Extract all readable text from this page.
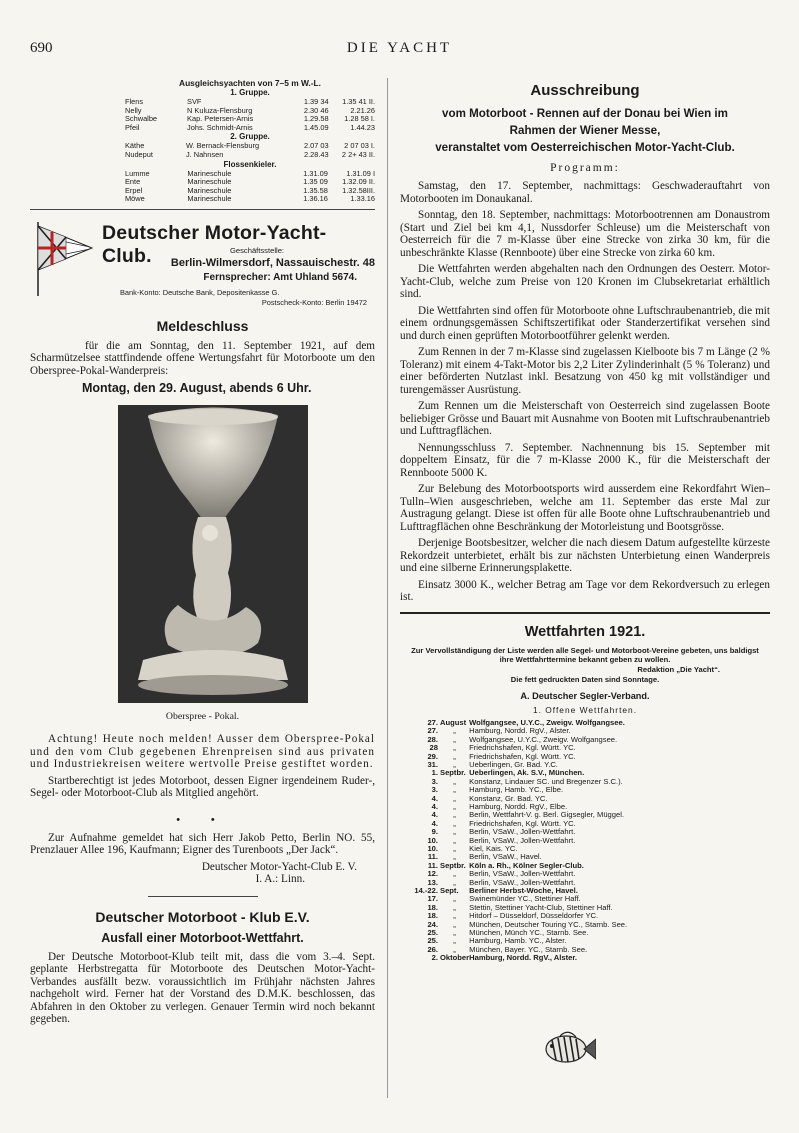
690	DIE YACHT
Ausgleichsyachten von 7–5 m W.-L.
1. Gruppe.
Flens	SVF	1.39 34	1.35 41 II.
Nelly	N Kuluza-Flensburg	2.30 46	2.21.26
Schwalbe	Kap. Petersen-Arnis	1.29.58	1.28 58 I.
Pfeil	Johs. Schmidt-Arnis	1.45.09	1.44.23
2. Gruppe.
Käthe	W. Bernack-Flensburg	2.07 03	2 07 03 I.
Nudeput	J. Nahnsen	2.28.43	2 2+ 43 II.
Flossenkieler.
Lumme	Marineschule	1.31.09	1.31.09 I
Ente	Marineschule	1.35 09	1.32.09 II.
Erpel	Marineschule	1.35.58	1.32.58III.
Möwe	Marineschule	1.36.16	1.33.16
Deutscher Motor-Yacht-Club.	Geschäftsstelle:
Berlin-Wilmersdorf, Nassauischestr. 48
Fernsprecher: Amt Uhland 5674.
Bank-Konto: Deutsche Bank, Depositenkasse G.
Postscheck-Konto: Berlin 19472
Meldeschluss
für die am Sonntag, den 11. September 1921, auf dem Scharmützelsee stattfindende offene Wertungsfahrt für Motorboote um den Oberspree-Pokal-Wanderpreis:
Montag, den 29. August, abends 6 Uhr.
Oberspree - Pokal.

Achtung! Heute noch melden! Ausser dem Oberspree-Pokal und den vom Club gegebenen Ehrenpreisen sind aus privaten und Industriekreisen weitere wertvolle Preise gestiftet worden.

Startberechtigt ist jedes Motorboot, dessen Eigner irgendeinem Ruder-, Segel- oder Motorboot-Club als Mitglied angehört.

• •

Zur Aufnahme gemeldet hat sich Herr Jakob Petto, Berlin NO. 55, Prenzlauer Allee 196, Kaufmann; Eigner des Turenboots „Der Jack“.

Deutscher Motor-Yacht-Club E. V.
I. A.: Linn.
Deutscher Motorboot - Klub E.V.
Ausfall einer Motorboot-Wettfahrt.

Der Deutsche Motorboot-Klub teilt mit, dass die vom 3.–4. Sept. geplante Herbstregatta für Motorboote des Deutschen Motor-Yacht-Verbandes ausfällt bezw. voraussichtlich im Frühjahr nächsten Jahres nachgeholt wird. Ferner hat der Vorstand des D.M.K. beschlossen, das Abfahren in den Oktober zu verlegen. Genauer Termin wird noch bekannt gegeben.

Ausschreibung
vom Motorboot - Rennen auf der Donau bei Wien im
Rahmen der Wiener Messe,
veranstaltet vom Oesterreichischen Motor-Yacht-Club.
Programm:

Samstag, den 17. September, nachmittags: Geschwaderauftahrt von Motorbooten im Donaukanal.

Sonntag, den 18. September, nachmittags: Motorbootrennen am Donaustrom (Start und Ziel bei km 4,1, Nussdorfer Schleuse) um die Meisterschaft von Oesterreich für die 7 m-Klasse über eine Strecke von zirka 30 km, für die unbeschränkte Klasse (Rennboote) über eine Strecke von zirka 60 km.

Die Wettfahrten werden abgehalten nach den Ordnungen des Oesterr. Motor-Yacht-Club, welche zum Preise von 120 Kronen im Clubsekretariat erhältlich sind.

Die Wettfahrten sind offen für Motorboote ohne Luftschraubenantrieb, die mit einem ordnungsgemässen Schiftszertifikat oder Standerzertifikat versehen sind und durch einen geprüften Motorbootführer gelenkt werden.

Zum Rennen in der 7 m-Klasse sind zugelassen Kielboote bis 7 m Länge (2 % Toleranz) mit einem 4-Takt-Motor bis 2,2 Liter Zylinderinhalt (5 % Toleranz) und einer beförderten Nutzlast inkl. Besatzung von 450 kg mit vollständiger und turengemässer Ausrüstung.

Zum Rennen um die Meisterschaft von Oesterreich sind zugelassen Boote beliebiger Grösse und Bauart mit Ausnahme von Booten mit Luftschraubenantrieb und Lufttragflächen.

Nennungsschluss 7. September. Nachnennung bis 15. September mit doppeltem Einsatz, für die 7 m-Klasse 2000 K., für die Meisterschaft der Rennboote 5000 K.

Zur Belebung des Motorbootsports wird ausserdem eine Rekordfahrt Wien–Tulln–Wien ausgeschrieben, welche am 11. September das erste Mal zur Austragung gelangt. Diese ist offen für alle Boote ohne Luftschraubenantrieb und Lufttragflächen ohne Beschränkung der Motorleistung und Bootsgrösse.

Derjenige Bootsbesitzer, welcher die nach diesem Datum aufgestellte kürzeste Rekordzeit unterbietet, erhält bis zur nächsten Unterbietung einen Wanderpreis und eine silberne Erinnerungsplakette.

Einsatz 3000 K., welcher Betrag am Tage vor dem Rekordversuch zu erlegen ist.

Wettfahrten 1921.
Zur Vervollständigung der Liste werden alle Segel- und Motorboot-Vereine gebeten, uns baldigst ihre Wettfahrttermine bekannt geben zu wollen.
Redaktion „Die Yacht“.
Die fett gedruckten Daten sind Sonntage.
A. Deutscher Segler-Verband.
1. Offene Wettfahrten.
27.	August	Wolfgangsee, U.Y.C., Zweigv. Wolfgangsee.
27.	„	Hamburg, Nordd. RgV., Alster.
28.	„	Wolfgangsee, U.Y.C., Zweigv. Wolfgangsee.
28	„	Friedrichshafen, Kgl. Württ. YC.
29.	„	Friedrichshafen, Kgl. Württ. YC.
31.	„	Ueberlingen, Gr. Bad. Y.C.
1.	Septbr.	Ueberlingen, Ak. S.V., München.
3.	„	Konstanz, Lindauer SC. und Bregenzer S.C.).
3.	„	Hamburg, Hamb. YC., Elbe.
4.	„	Konstanz, Gr. Bad. YC.
4.	„	Hamburg, Nordd. RgV., Elbe.
4.	„	Berlin, Wettfahrt-V. g. Berl. Gigsegler, Müggel.
4.	„	Friedrichshafen, Kgl. Württ. YC.
9.	„	Berlin, VSaW., Jollen-Wettfahrt.
10.	„	Berlin, VSaW., Jollen-Wettfahrt.
10.	„	Kiel, Kais. YC.
11.	„	Berlin, VSaW., Havel.
11.	Septbr.	Köln a. Rh., Kölner Segler-Club.
12.	„	Berlin, VSaW., Jollen-Wettfahrt.
13.	„	Berlin, VSaW., Jollen-Wettfahrt.
14.-22.	Sept.	Berliner Herbst-Woche, Havel.
17.	„	Swinemünder YC., Stettiner Haff.
18.	„	Stettin, Stettiner Yacht-Club, Stettiner Haff.
18.	„	Hitdorf – Düsseldorf, Düsseldorfer YC.
24.	„	München, Deutscher Touring YC., Starnb. See.
25.	„	München, Münch YC., Starnb. See.
25.	„	Hamburg, Hamb. YC., Alster.
26.	„	München, Bayer. YC., Starnb. See.
2.	Oktober	Hamburg, Nordd. RgV., Alster.
